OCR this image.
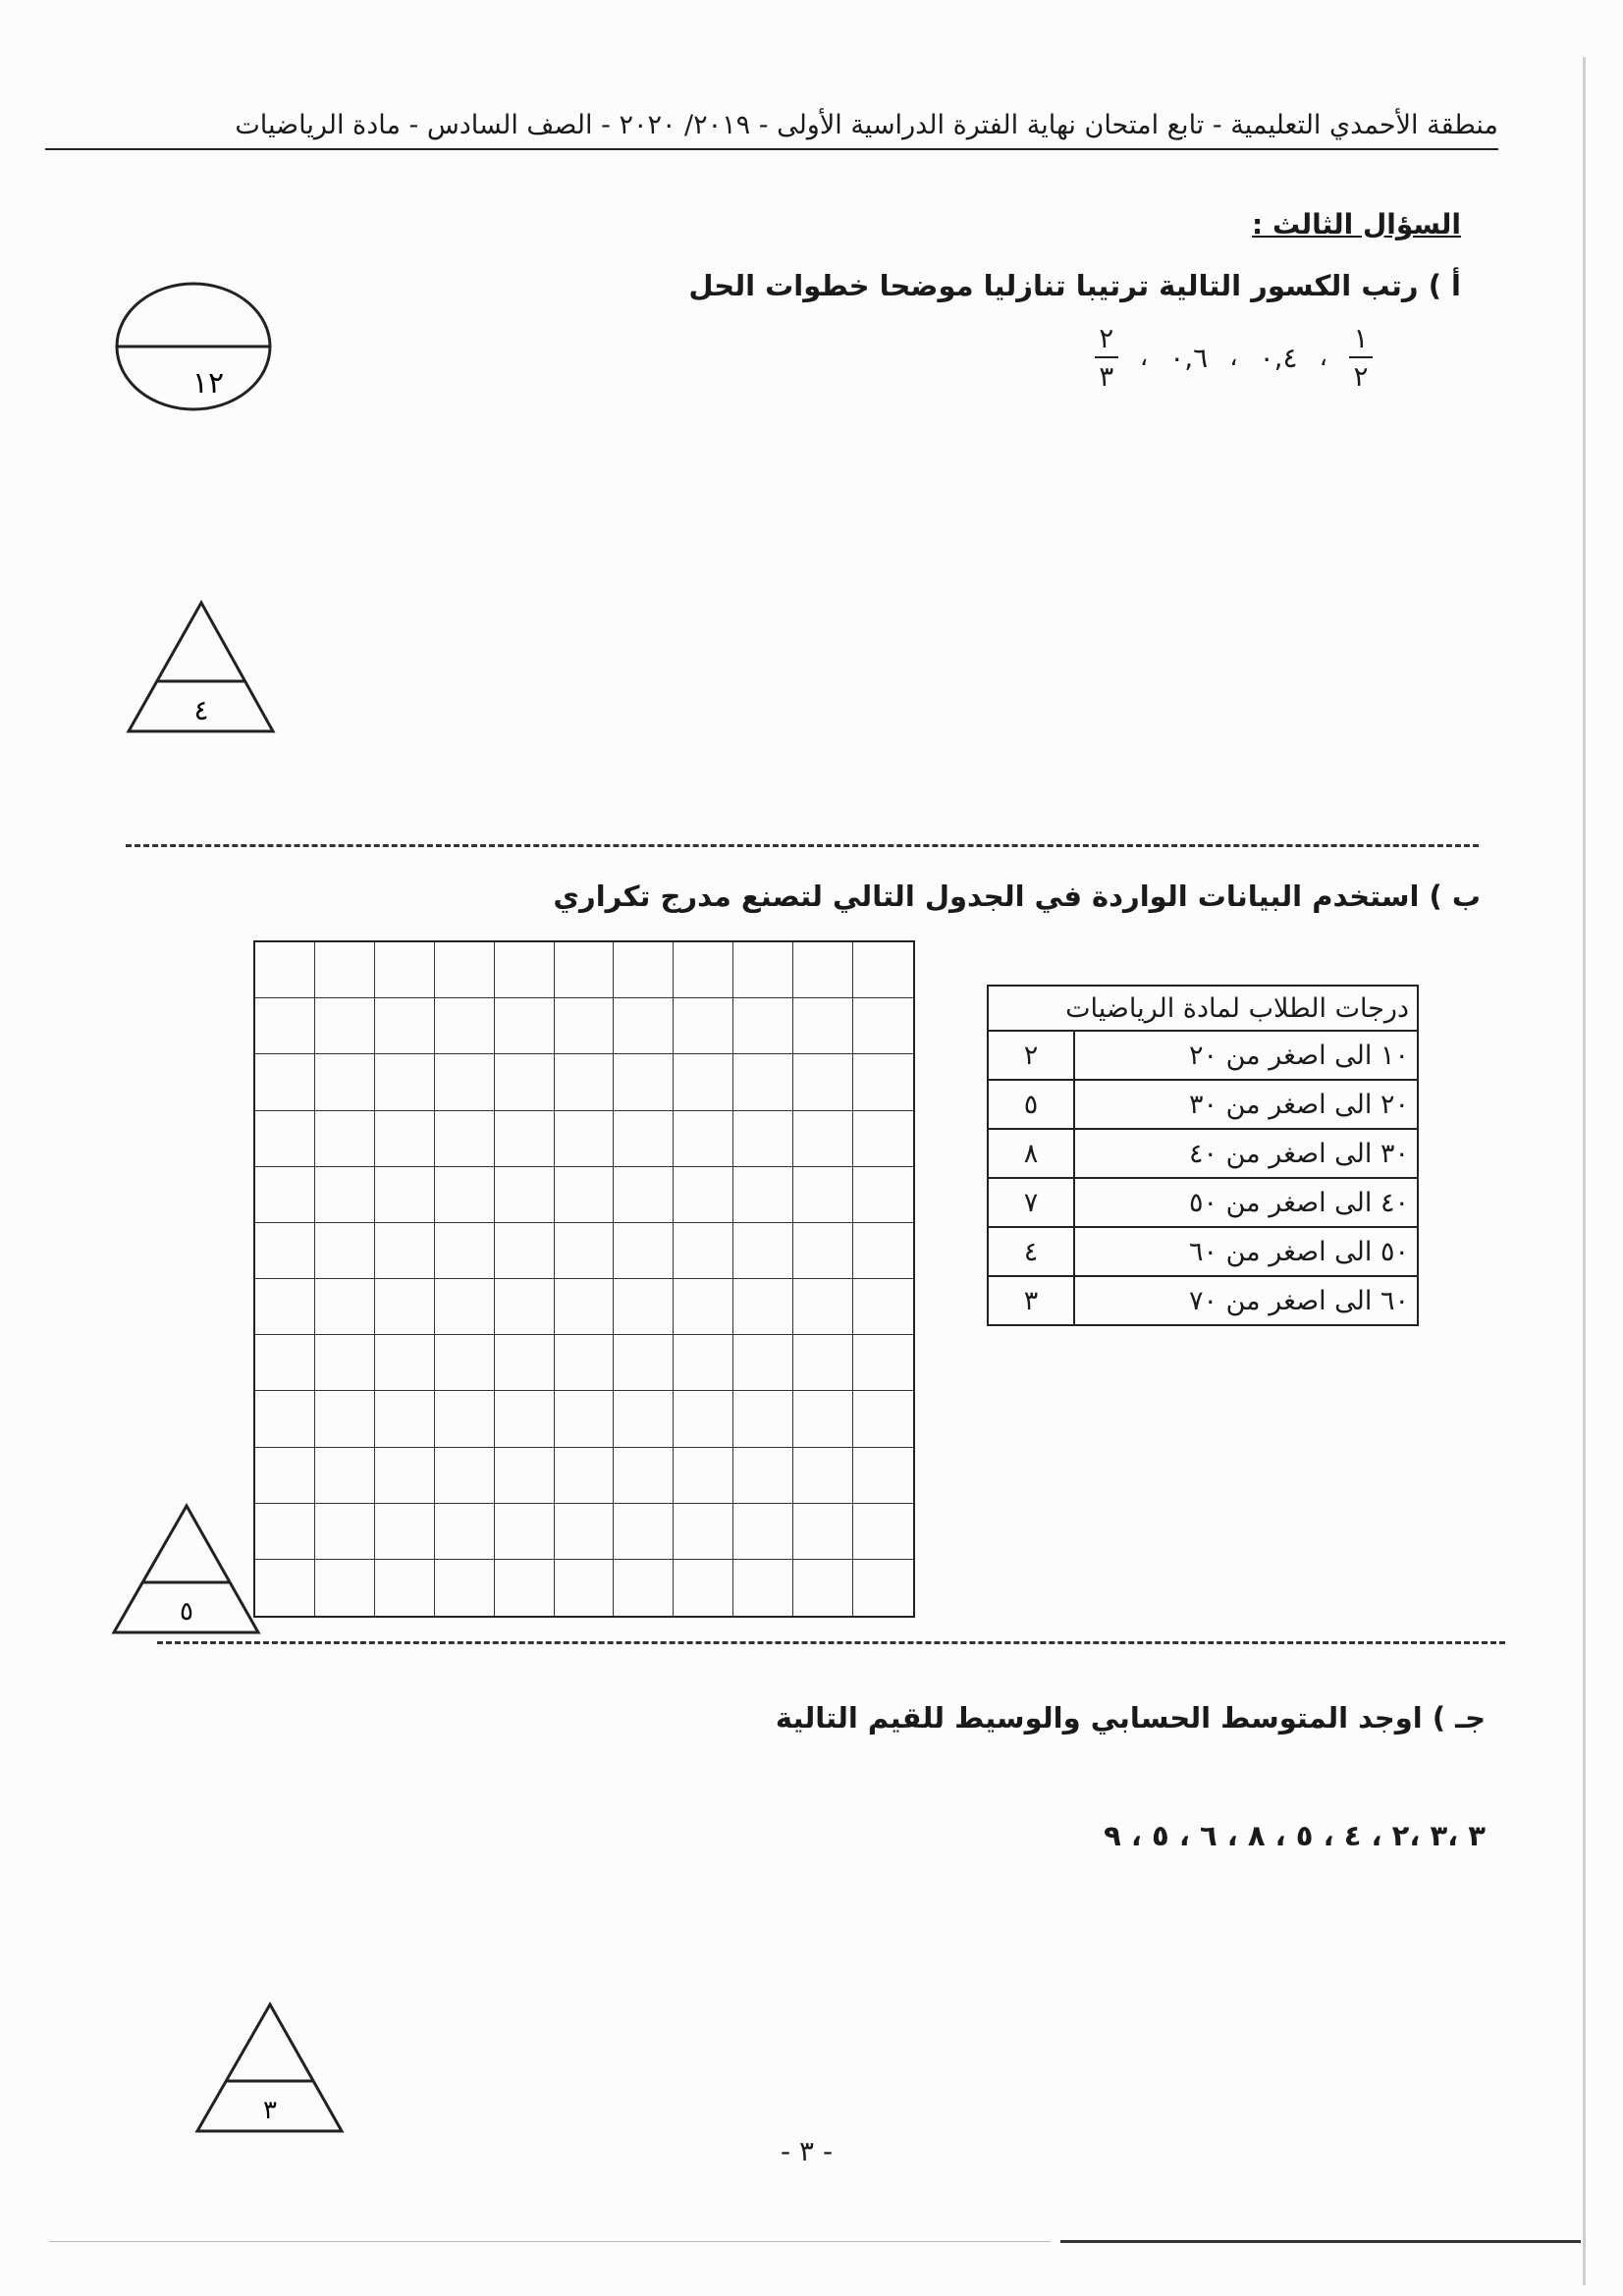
منطقة الأحمدي التعليمية - تابع امتحان نهاية الفترة الدراسية الأولى - ٢٠١٩/ ٢٠٢٠ - الصف السادس - مادة الرياضيات
السؤال الثالث :
أ ) رتب الكسور التالية ترتيبا تنازليا موضحا خطوات الحل
$\frac{١}{٢}$
،
٠,٤
،
٠,٦
،
$\frac{٢}{٣}$
١٢
٤
ب ) استخدم البيانات الواردة في الجدول التالي لتصنع مدرج تكراري
درجات الطلاب لمادة الرياضيات	
١٠ الى اصغر من ٢٠	٢
٢٠ الى اصغر من ٣٠	٥
٣٠ الى اصغر من ٤٠	٨
٤٠ الى اصغر من ٥٠	٧
٥٠ الى اصغر من ٦٠	٤
٦٠ الى اصغر من ٧٠	٣
٥
جـ ) اوجد المتوسط الحسابي والوسيط للقيم التالية
٣ ،٣ ،٢ ، ٤ ، ٥ ، ٨ ، ٦ ، ٥ ، ٩
٣
- ٣ -
